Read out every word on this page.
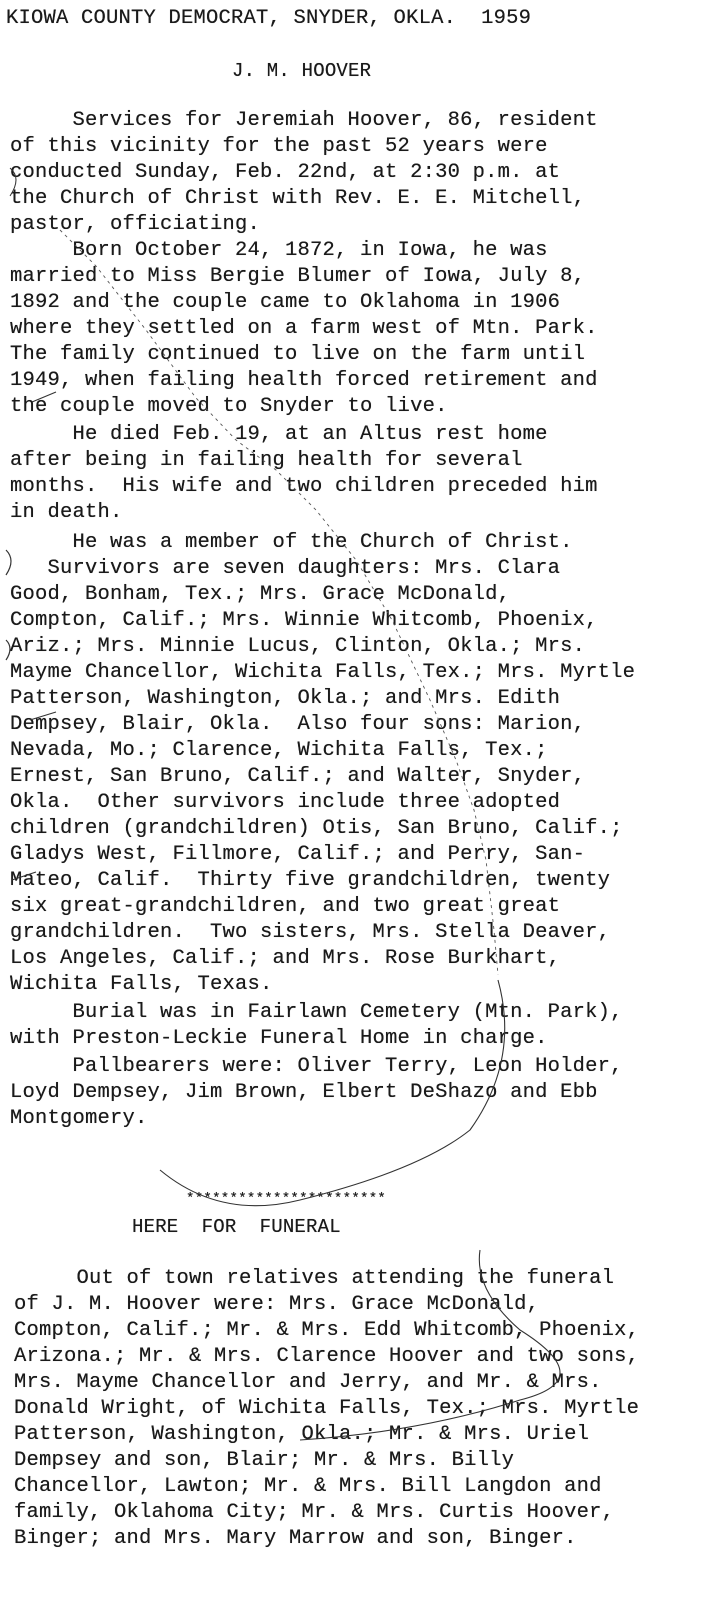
KIOWA COUNTY DEMOCRAT, SNYDER, OKLA.  1959
J. M. HOOVER
Services for Jeremiah Hoover, 86, resident
of this vicinity for the past 52 years were
conducted Sunday, Feb. 22nd, at 2:30 p.m. at
the Church of Christ with Rev. E. E. Mitchell,
pastor, officiating.
Born October 24, 1872, in Iowa, he was
married to Miss Bergie Blumer of Iowa, July 8,
1892 and the couple came to Oklahoma in 1906
where they settled on a farm west of Mtn. Park.
The family continued to live on the farm until
1949, when failing health forced retirement and
the couple moved to Snyder to live.
He died Feb. 19, at an Altus rest home
after being in failing health for several
months.  His wife and two children preceded him
in death.
He was a member of the Church of Christ.
Survivors are seven daughters: Mrs. Clara
Good, Bonham, Tex.; Mrs. Grace McDonald,
Compton, Calif.; Mrs. Winnie Whitcomb, Phoenix,
Ariz.; Mrs. Minnie Lucus, Clinton, Okla.; Mrs.
Mayme Chancellor, Wichita Falls, Tex.; Mrs. Myrtle
Patterson, Washington, Okla.; and Mrs. Edith
Dempsey, Blair, Okla.  Also four sons: Marion,
Nevada, Mo.; Clarence, Wichita Falls, Tex.;
Ernest, San Bruno, Calif.; and Walter, Snyder,
Okla.  Other survivors include three adopted
children (grandchildren) Otis, San Bruno, Calif.;
Gladys West, Fillmore, Calif.; and Perry, San-
Mateo, Calif.  Thirty five grandchildren, twenty
six great-grandchildren, and two great great
grandchildren.  Two sisters, Mrs. Stella Deaver,
Los Angeles, Calif.; and Mrs. Rose Burkhart,
Wichita Falls, Texas.
Burial was in Fairlawn Cemetery (Mtn. Park),
with Preston-Leckie Funeral Home in charge.
Pallbearers were: Oliver Terry, Leon Holder,
Loyd Dempsey, Jim Brown, Elbert DeShazo and Ebb
Montgomery.
***********************
HERE  FOR  FUNERAL
Out of town relatives attending the funeral
of J. M. Hoover were: Mrs. Grace McDonald,
Compton, Calif.; Mr. & Mrs. Edd Whitcomb, Phoenix,
Arizona.; Mr. & Mrs. Clarence Hoover and two sons,
Mrs. Mayme Chancellor and Jerry, and Mr. & Mrs.
Donald Wright, of Wichita Falls, Tex.; Mrs. Myrtle
Patterson, Washington, Okla.; Mr. & Mrs. Uriel
Dempsey and son, Blair; Mr. & Mrs. Billy
Chancellor, Lawton; Mr. & Mrs. Bill Langdon and
family, Oklahoma City; Mr. & Mrs. Curtis Hoover,
Binger; and Mrs. Mary Marrow and son, Binger.
